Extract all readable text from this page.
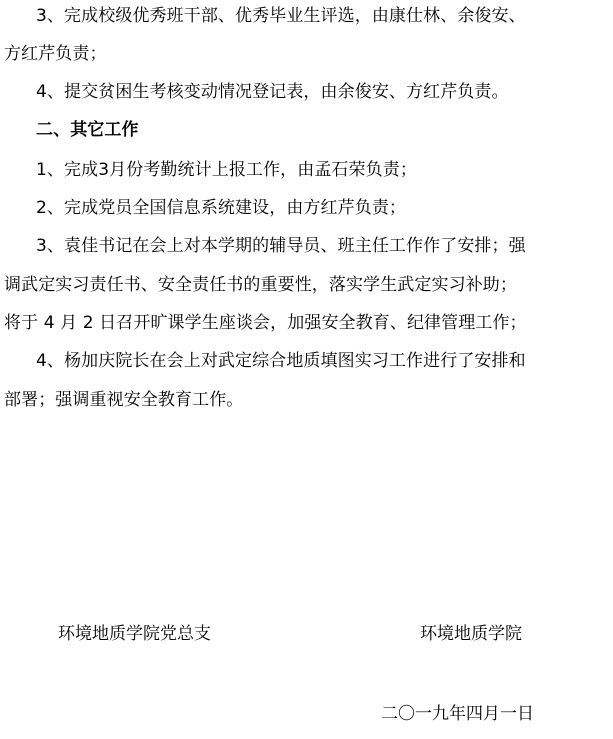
3、完成校级优秀班干部、优秀毕业生评选，由康仕林、余俊安、
方红芹负责；
4、提交贫困生考核变动情况登记表，由余俊安、方红芹负责。
二、其它工作
1、完成3月份考勤统计上报工作，由孟石荣负责；
2、完成党员全国信息系统建设，由方红芹负责；
3、袁佳书记在会上对本学期的辅导员、班主任工作作了安排；强
调武定实习责任书、安全责任书的重要性，落实学生武定实习补助；
将于 4 月 2 日召开旷课学生座谈会，加强安全教育、纪律管理工作；
4、杨加庆院长在会上对武定综合地质填图实习工作进行了安排和
部署；强调重视安全教育工作。
环境地质学院党总支	环境地质学院
二〇一九年四月一日
